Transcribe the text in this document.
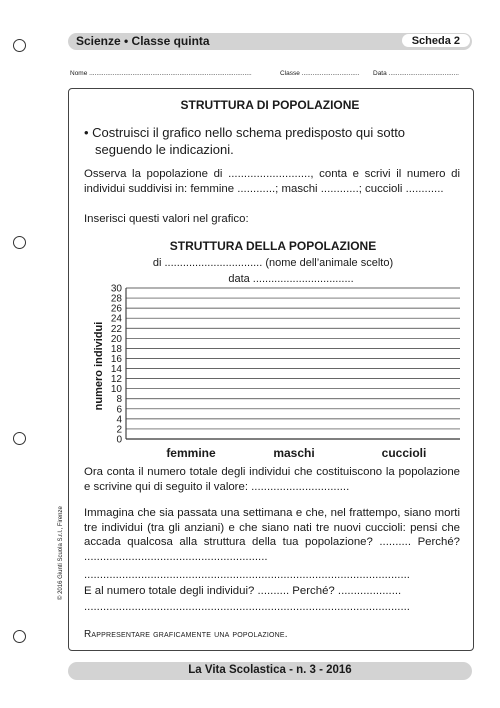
Scienze • Classe quinta	Scheda 2
Nome ..........................................................................................	Classe ................................ Data .......................................
STRUTTURA DI POPOLAZIONE
• Costruisci il grafico nello schema predisposto qui sotto
seguendo le indicazioni.
Osserva la popolazione di .........................., conta e scrivi il numero di individui suddivisi in: femmine ............; maschi ............; cuccioli ............
Inserisci questi valori nel grafico:
STRUTTURA DELLA POPOLAZIONE
di ................................ (nome dell’animale scelto)
data .................................
numero individui
0
2
4
6
8
10
12
14
16
18
20
22
24
26
28
30
femmine	maschi	cuccioli
Ora conta il numero totale degli individui che costituiscono la popolazione e scrivine qui di seguito il valore: ...............................
Immagina che sia passata una settimana e che, nel frattempo, siano morti tre individui (tra gli anziani) e che siano nati tre nuovi cuccioli: pensi che accada qualcosa alla struttura della tua popolazione? .......... Perché? ..........................................................
.......................................................................................................
E al numero totale degli individui? .......... Perché? ....................
.......................................................................................................
Rappresentare graficamente una popolazione.
© 2016 Giunti Scuola S.r.l., Firenze
La Vita Scolastica - n. 3 - 2016
